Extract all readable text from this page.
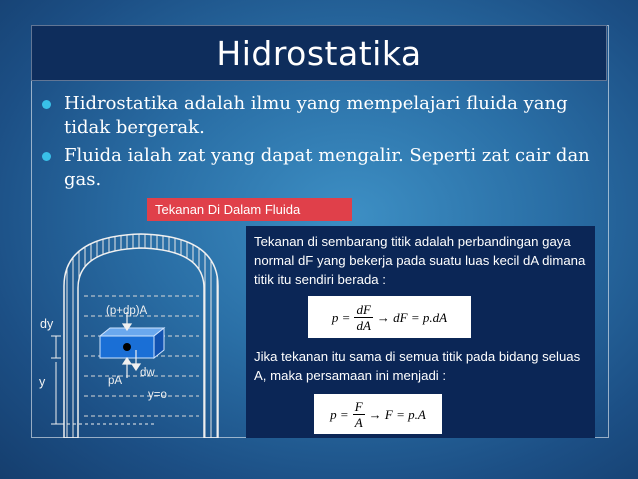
Hidrostatika
Hidrostatika adalah ilmu yang mempelajari fluida yang tidak bergerak.
Fluida ialah zat yang dapat mengalir. Seperti zat cair dan gas.
Tekanan Di Dalam Fluida
(p+dp)A
pA
dw
dy
y
y=o

Tekanan di sembarang titik adalah perbandingan gaya normal dF yang bekerja pada suatu luas kecil dA dimana titik itu sendiri berada :

$p = \frac{dF}{dA}$ → dF = p.dA

Jika tekanan itu sama di semua titik pada bidang seluas A, maka persamaan ini menjadi :

$p = \frac{F}{A} \to F = p.A$
